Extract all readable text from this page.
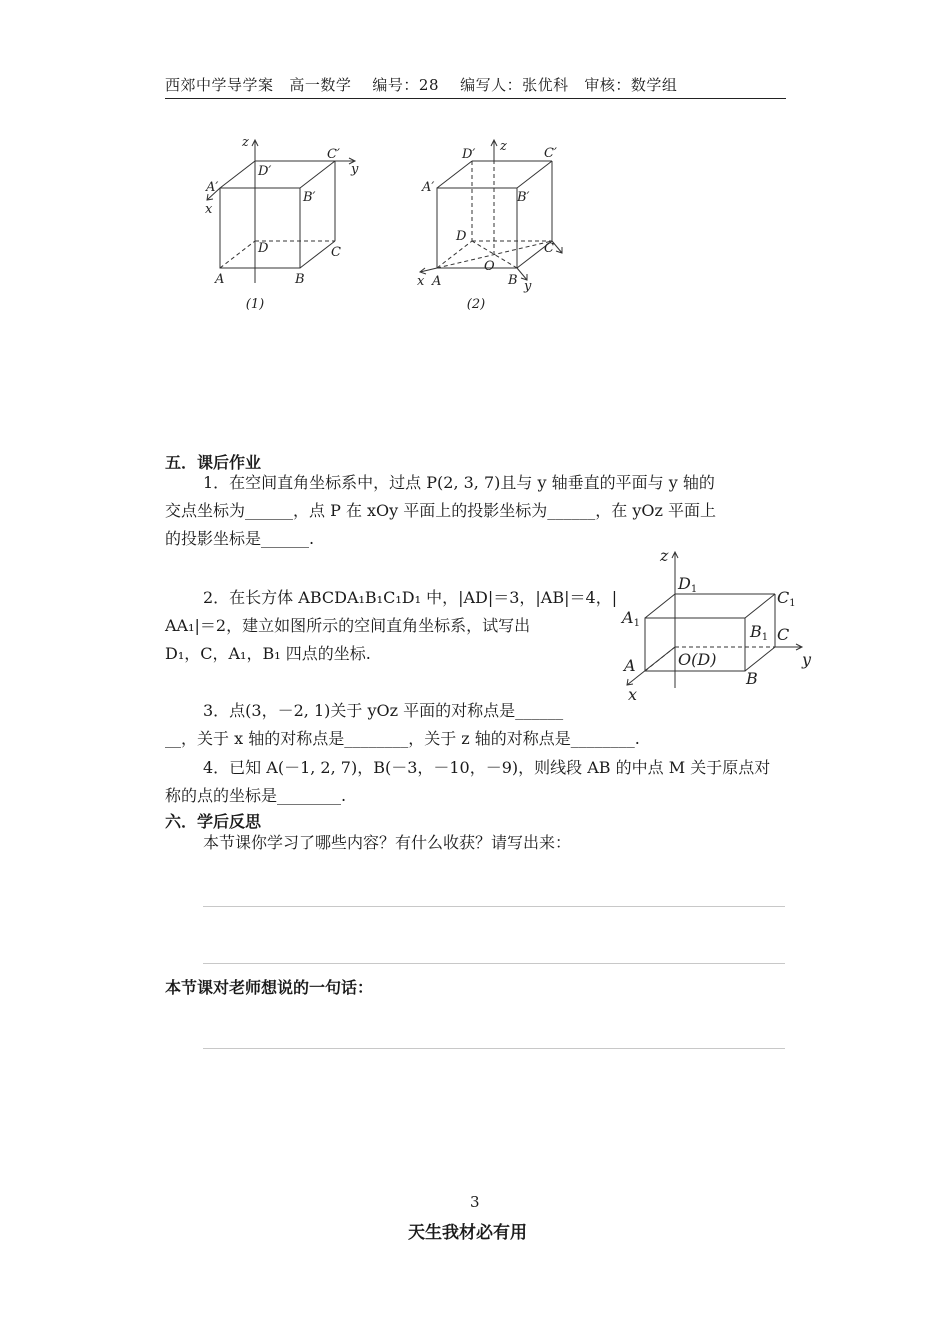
西郊中学导学案 高一数学 编号：28 编写人：张优科 审核：数学组
z
y
x
A′
D′
C′
B′
D	C
A	B
(1)
z
y
x
A′
D′	C′
B′
D
O
C
A	B
(2)
五．课后作业
1．在空间直角坐标系中，过点 P(2, 3, 7)且与 y 轴垂直的平面与 y 轴的
交点坐标为______，点 P 在 xOy 平面上的投影坐标为______，在 yOz 平面上
的投影坐标是______.
2．在长方体 ABCDA₁B₁C₁D₁ 中，|AD|＝3，|AB|＝4，|
AA₁|＝2，建立如图所示的空间直角坐标系，试写出
D₁，C，A₁，B₁ 四点的坐标.
z
y
x
D1	C1
A1	B1 C
A	O(D)
B
3．点(3，－2, 1)关于 yOz 平面的对称点是______
__，关于 x 轴的对称点是________，关于 z 轴的对称点是________.
4．已知 A(－1, 2, 7)，B(－3，－10，－9)，则线段 AB 的中点 M 关于原点对
称的点的坐标是________.
六．学后反思
本节课你学习了哪些内容？有什么收获？请写出来：
本节课对老师想说的一句话：
3
天生我材必有用
